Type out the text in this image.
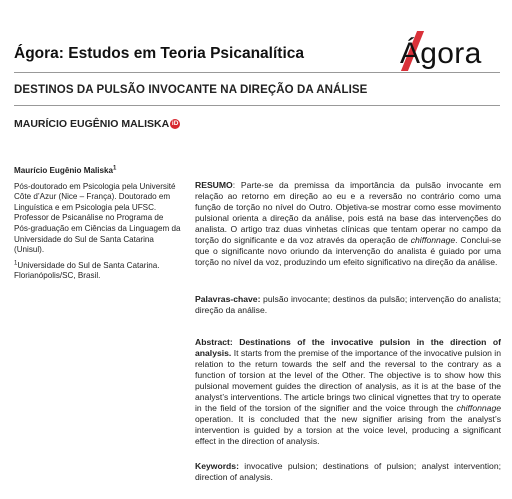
Ágora: Estudos em Teoria Psicanalítica	Ágora
DESTINOS DA PULSÃO INVOCANTE NA DIREÇÃO DA ANÁLISE
MAURÍCIO EUGÊNIO MALISKA iD
Maurício Eugênio Maliska$^1$

Pós-doutorado em Psicologia pela Université Côte d’Azur (Nice – França). Doutorado em Linguística e em Psicologia pela UFSC. Professor de Psicanálise no Programa de Pós-graduação em Ciências da Linguagem da Universidade do Sul de Santa Catarina (Unisul).

$^1$Universidade do Sul de Santa Catarina. Florianópolis/SC, Brasil.

RESUMO: Parte-se da premissa da importância da pulsão invocante em relação ao retorno em direção ao eu e a reversão no contrário como uma função de torção no nível do Outro. Objetiva-se mostrar como esse movimento pulsional orienta a direção da análise, pois está na base das intervenções do analista. O artigo traz duas vinhetas clínicas que tentam operar no campo da torção do significante e da voz através da operação de chiffonnage. Conclui-se que o significante novo oriundo da intervenção do analista é guiado por uma torção no nível da voz, produzindo um efeito significativo na direção da análise.
Palavras-chave: pulsão invocante; destinos da pulsão; intervenção do analista; direção da análise.
Abstract: Destinations of the invocative pulsion in the direction of analysis. It starts from the premise of the importance of the invocative pulsion in relation to the return towards the self and the reversal to the contrary as a function of torsion at the level of the Other. The objective is to show how this pulsional movement guides the direction of analysis, as it is at the base of the analyst’s interventions. The article brings two clinical vignettes that try to operate in the field of the torsion of the signifier and the voice through the chiffonnage operation. It is concluded that the new signifier arising from the analyst’s intervention is guided by a torsion at the voice level, producing a significant effect in the direction of analysis.
Keywords: invocative pulsion; destinations of pulsion; analyst intervention; direction of analysis.
